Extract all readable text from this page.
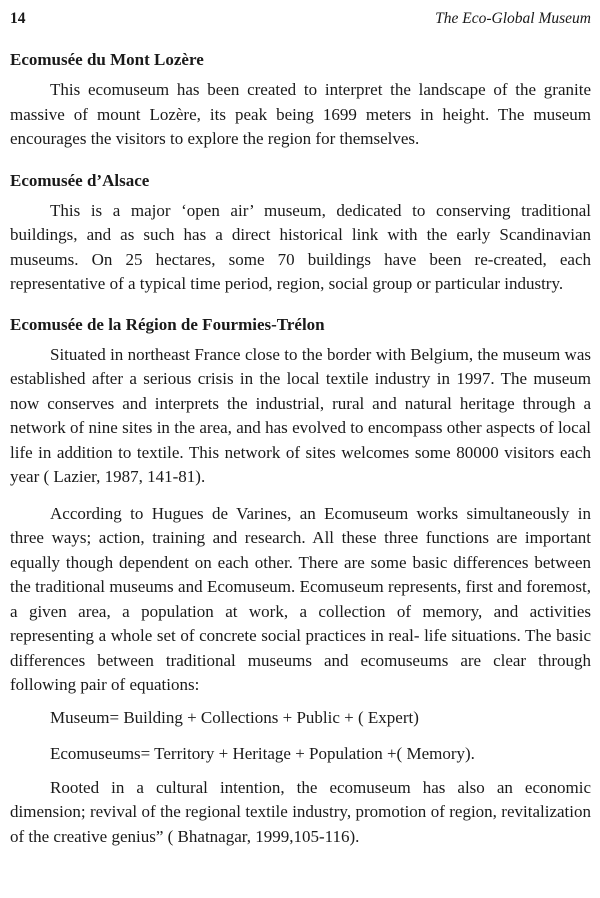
14	The Eco-Global Museum
Ecomusée du Mont Lozère

This ecomuseum has been created to interpret the landscape of the granite massive of mount Lozère, its peak being 1699 meters in height. The museum encourages the visitors to explore the region for themselves.

Ecomusée d’Alsace

This is a major ‘open air’ museum, dedicated to conserving traditional buildings, and as such has a direct historical link with the early Scandinavian museums. On 25 hectares, some 70 buildings have been re-created, each representative of a typical time period, region, social group or particular industry.

Ecomusée de la Région de Fourmies-Trélon

Situated in northeast France close to the border with Belgium, the museum was established after a serious crisis in the local textile industry in 1997. The museum now conserves and interprets the industrial, rural and natural heritage through a network of nine sites in the area, and has evolved to encompass other aspects of local life in addition to textile. This network of sites welcomes some 80000 visitors each year ( Lazier, 1987, 141-81).

According to Hugues de Varines, an Ecomuseum works simultaneously in three ways; action, training and research. All these three functions are important equally though dependent on each other. There are some basic differences between the traditional museums and Ecomuseum. Ecomuseum represents, first and foremost, a given area, a population at work, a collection of memory, and activities representing a whole set of concrete social practices in real- life situations. The basic differences between traditional museums and ecomuseums are clear through following pair of equations:

Museum= Building + Collections + Public + ( Expert)
Ecomuseums= Territory + Heritage + Population +( Memory).

Rooted in a cultural intention, the ecomuseum has also an economic dimension; revival of the regional textile industry, promotion of region, revitalization of the creative genius” ( Bhatnagar, 1999,105-116).
